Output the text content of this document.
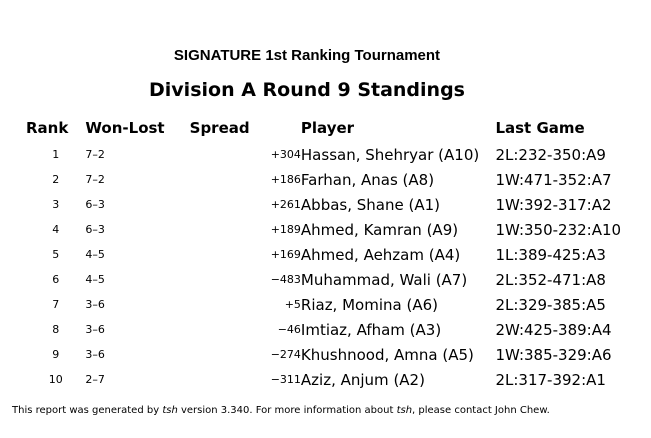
SIGNATURE 1st Ranking Tournament
Division A Round 9 Standings
Rank	Won-Lost	Spread	Player	Last Game
1	7–2	+304	Hassan, Shehryar (A10)	2L:232-350:A9
2	7–2	+186	Farhan, Anas (A8)	1W:471-352:A7
3	6–3	+261	Abbas, Shane (A1)	1W:392-317:A2
4	6–3	+189	Ahmed, Kamran (A9)	1W:350-232:A10
5	4–5	+169	Ahmed, Aehzam (A4)	1L:389-425:A3
6	4–5	−483	Muhammad, Wali (A7)	2L:352-471:A8
7	3–6	+5	Riaz, Momina (A6)	2L:329-385:A5
8	3–6	−46	Imtiaz, Afham (A3)	2W:425-389:A4
9	3–6	−274	Khushnood, Amna (A5)	1W:385-329:A6
10	2–7	−311	Aziz, Anjum (A2)	2L:317-392:A1
This report was generated by tsh version 3.340. For more information about tsh, please contact John Chew.
